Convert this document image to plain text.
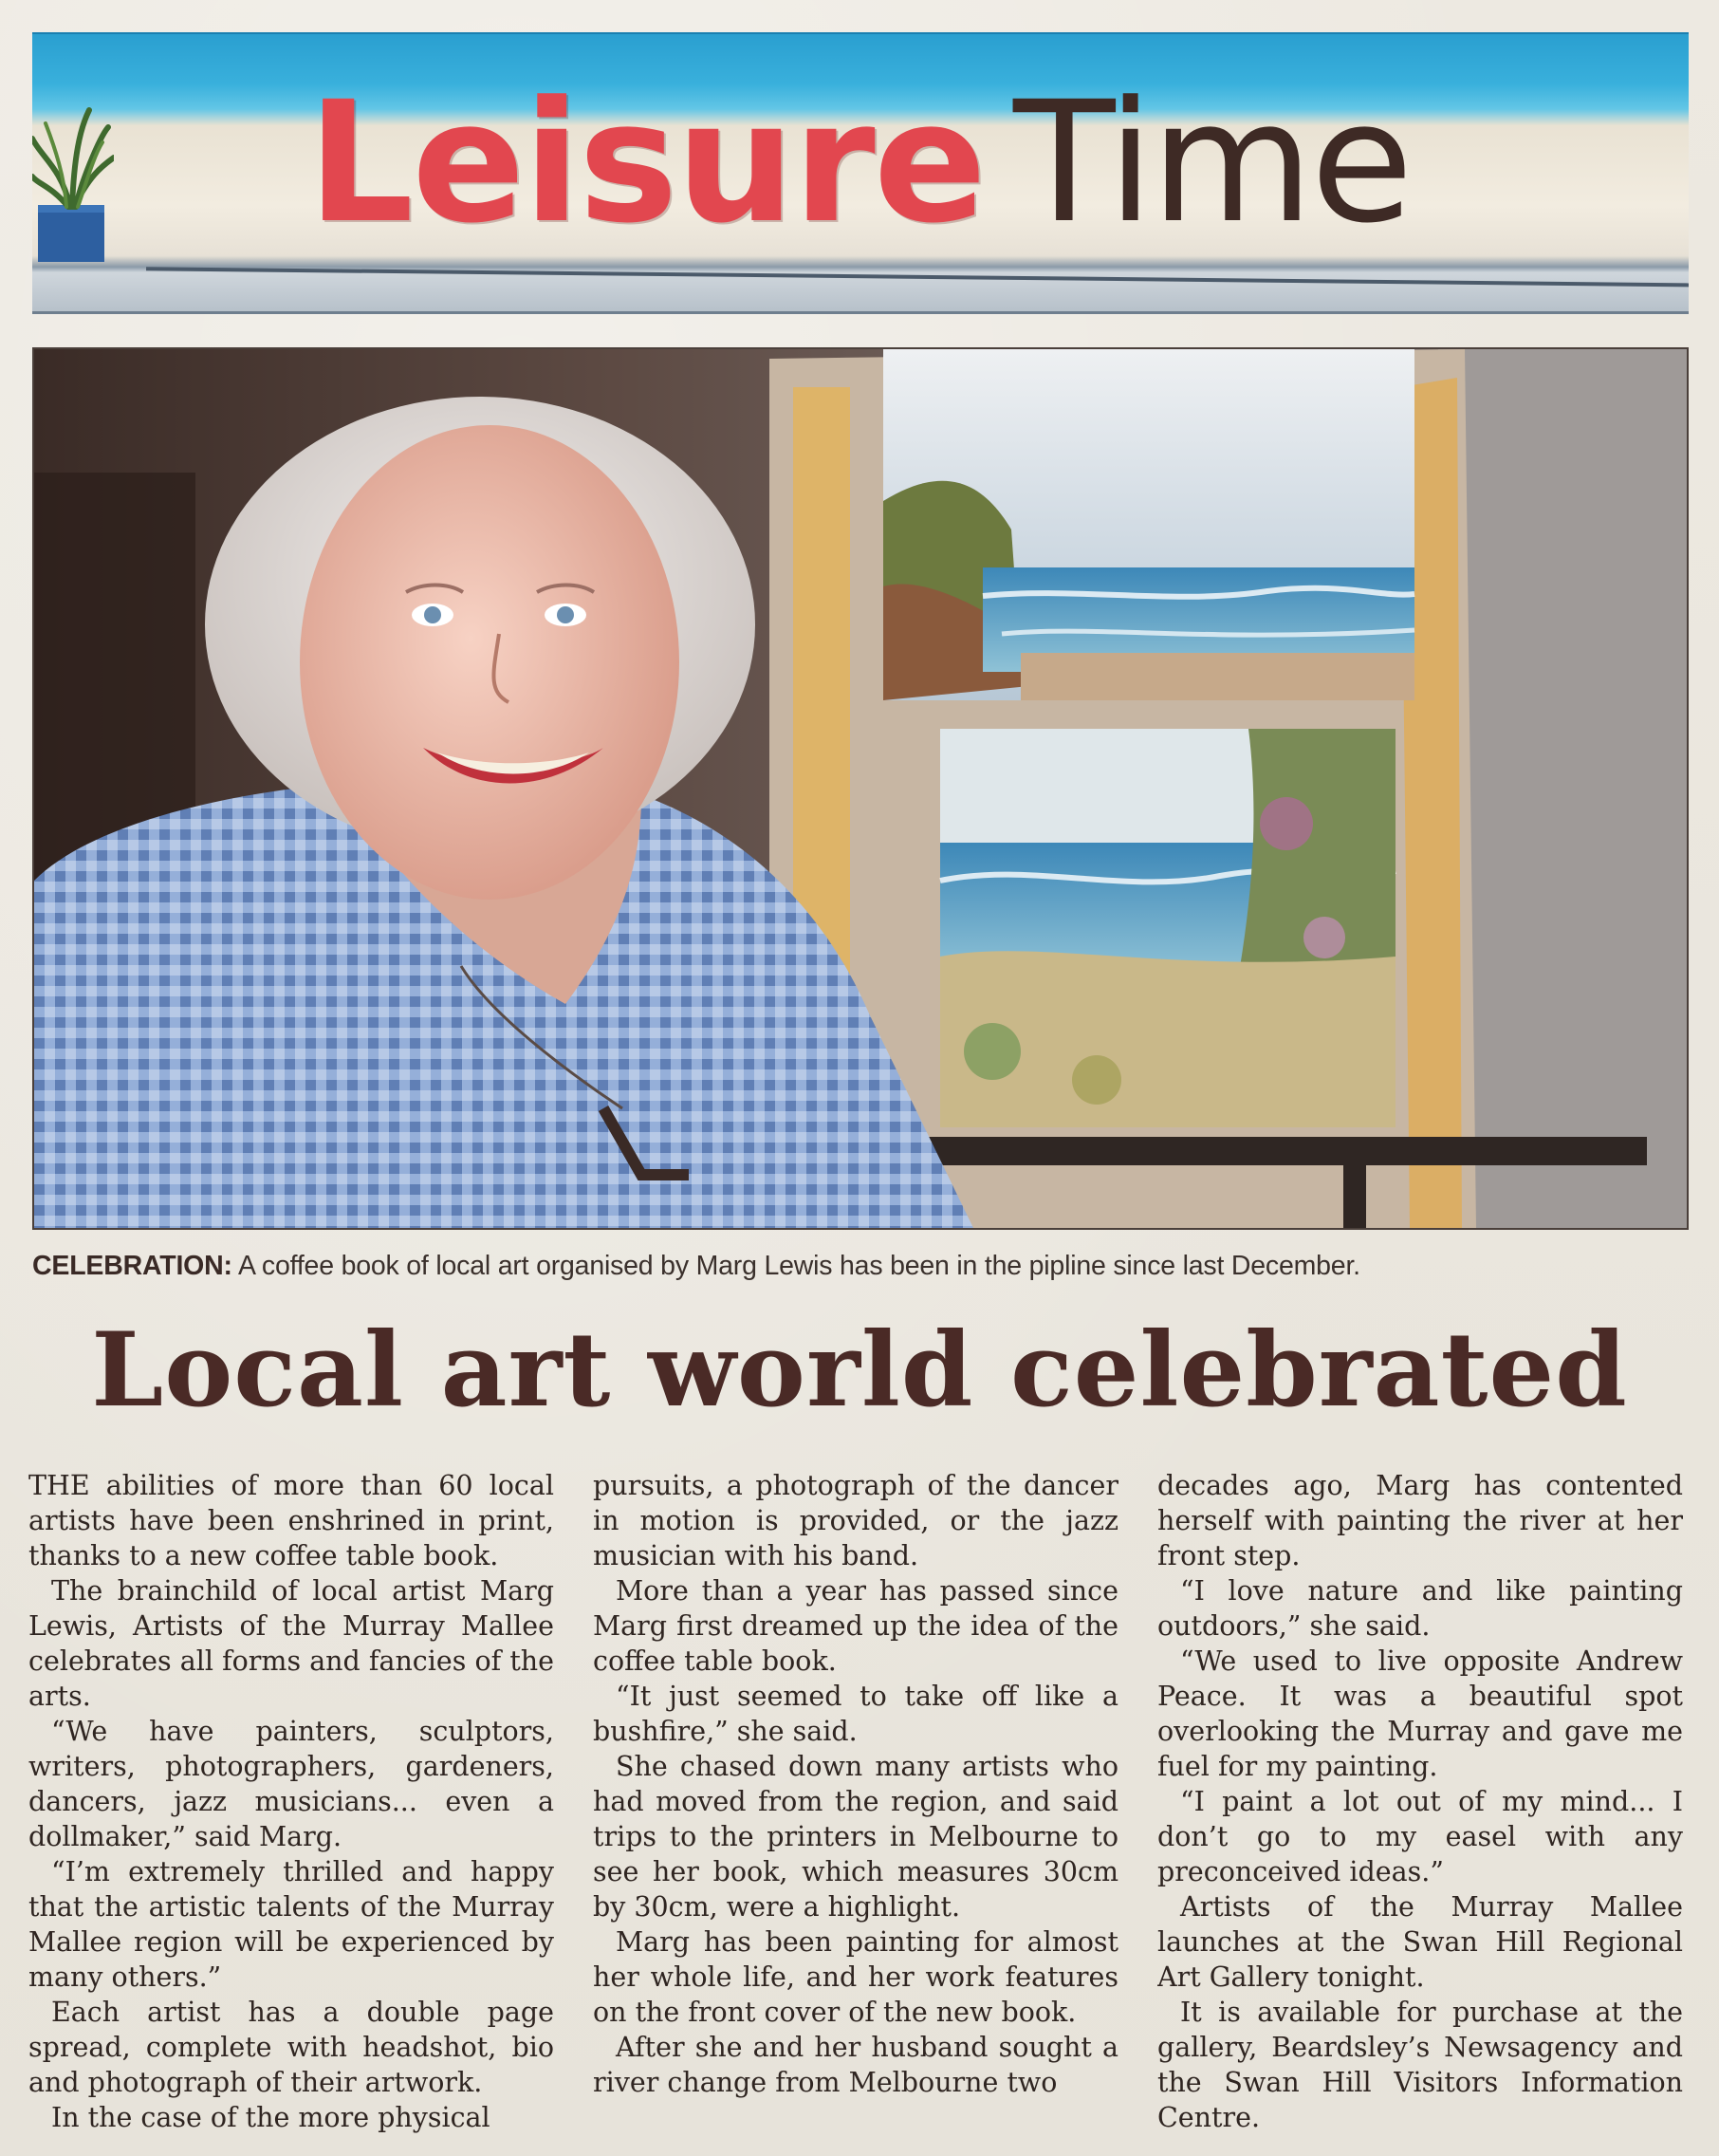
Leisure Time
CELEBRATION: A coffee book of local art organised by Marg Lewis has been in the pipline since last December.
Local art world celebrated

THE abilities of more than 60 local artists have been enshrined in print, thanks to a new coffee table book.

The brainchild of local artist Marg Lewis, Artists of the Murray Mallee celebrates all forms and fancies of the arts.

“We have painters, sculptors, writers, photographers, gardeners, dancers, jazz musicians... even a dollmaker,” said Marg.

“I’m extremely thrilled and happy that the artistic talents of the Murray Mallee region will be experienced by many others.”

Each artist has a double page spread, complete with headshot, bio and photograph of their artwork.

In the case of the more physical

pursuits, a photograph of the dancer in motion is provided, or the jazz musician with his band.

More than a year has passed since Marg first dreamed up the idea of the coffee table book.

“It just seemed to take off like a bushfire,” she said.

She chased down many artists who had moved from the region, and said trips to the printers in Melbourne to see her book, which measures 30cm by 30cm, were a highlight.

Marg has been painting for almost her whole life, and her work features on the front cover of the new book.

After she and her husband sought a river change from Melbourne two

decades ago, Marg has contented herself with painting the river at her front step.

“I love nature and like painting outdoors,” she said.

“We used to live opposite Andrew Peace. It was a beautiful spot overlooking the Murray and gave me fuel for my painting.

“I paint a lot out of my mind... I don’t go to my easel with any preconceived ideas.”

Artists of the Murray Mallee launches at the Swan Hill Regional Art Gallery tonight.

It is available for purchase at the gallery, Beardsley’s Newsagency and the Swan Hill Visitors Information Centre.
